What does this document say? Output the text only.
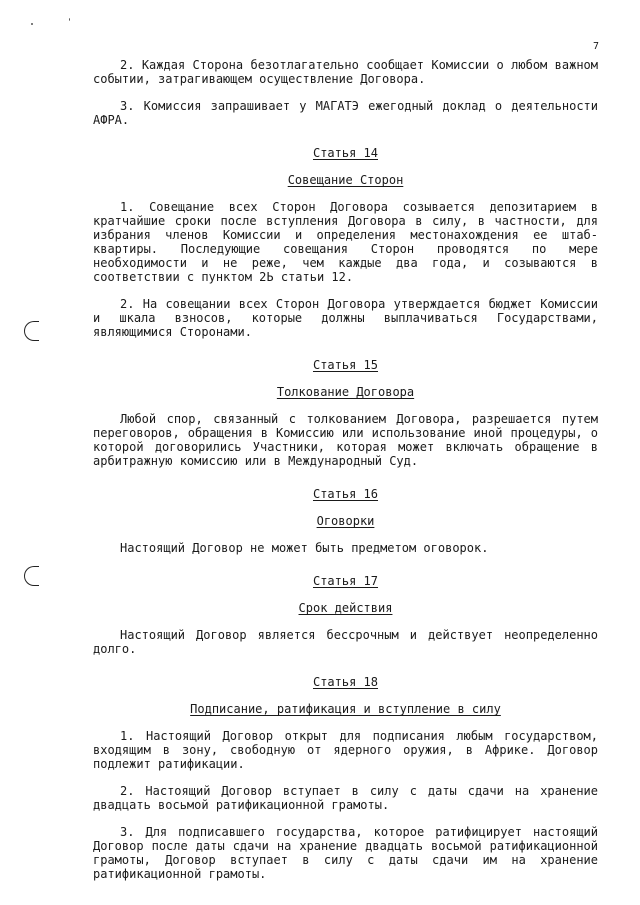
7

2. Каждая Сторона безотлагательно сообщает Комиссии о любом важном событии, затрагивающем осуществление Договора.

3. Комиссия запрашивает у МАГАТЭ ежегодный доклад о деятельности АФРА.

Статья 14

Совещание Сторон

1. Совещание всех Сторон Договора созывается депозитарием в кратчайшие сроки после вступления Договора в силу, в частности, для избрания членов Комиссии и определения местонахождения ее штаб-квартиры. Последующие совещания Сторон проводятся по мере необходимости и не реже, чем каждые два года, и созываются в соответствии с пунктом 2Ь статьи 12.

2. На совещании всех Сторон Договора утверждается бюджет Комиссии и шкала взносов, которые должны выплачиваться Государствами, являющимися Сторонами.

Статья 15

Толкование Договора

Любой спор, связанный с толкованием Договора, разрешается путем переговоров, обращения в Комиссию или использование иной процедуры, о которой договорились Участники, которая может включать обращение в арбитражную комиссию или в Международный Суд.

Статья 16

Оговорки

Настоящий Договор не может быть предметом оговорок.

Статья 17

Срок действия

Настоящий Договор является бессрочным и действует неопределенно долго.

Статья 18

Подписание, ратификация и вступление в силу

1. Настоящий Договор открыт для подписания любым государством, входящим в зону, свободную от ядерного оружия, в Африке. Договор подлежит ратификации.

2. Настоящий Договор вступает в силу с даты сдачи на хранение двадцать восьмой ратификационной грамоты.

3. Для подписавшего государства, которое ратифицирует настоящий Договор после даты сдачи на хранение двадцать восьмой ратификационной грамоты, Договор вступает в силу с даты сдачи им на хранение ратификационной грамоты.
